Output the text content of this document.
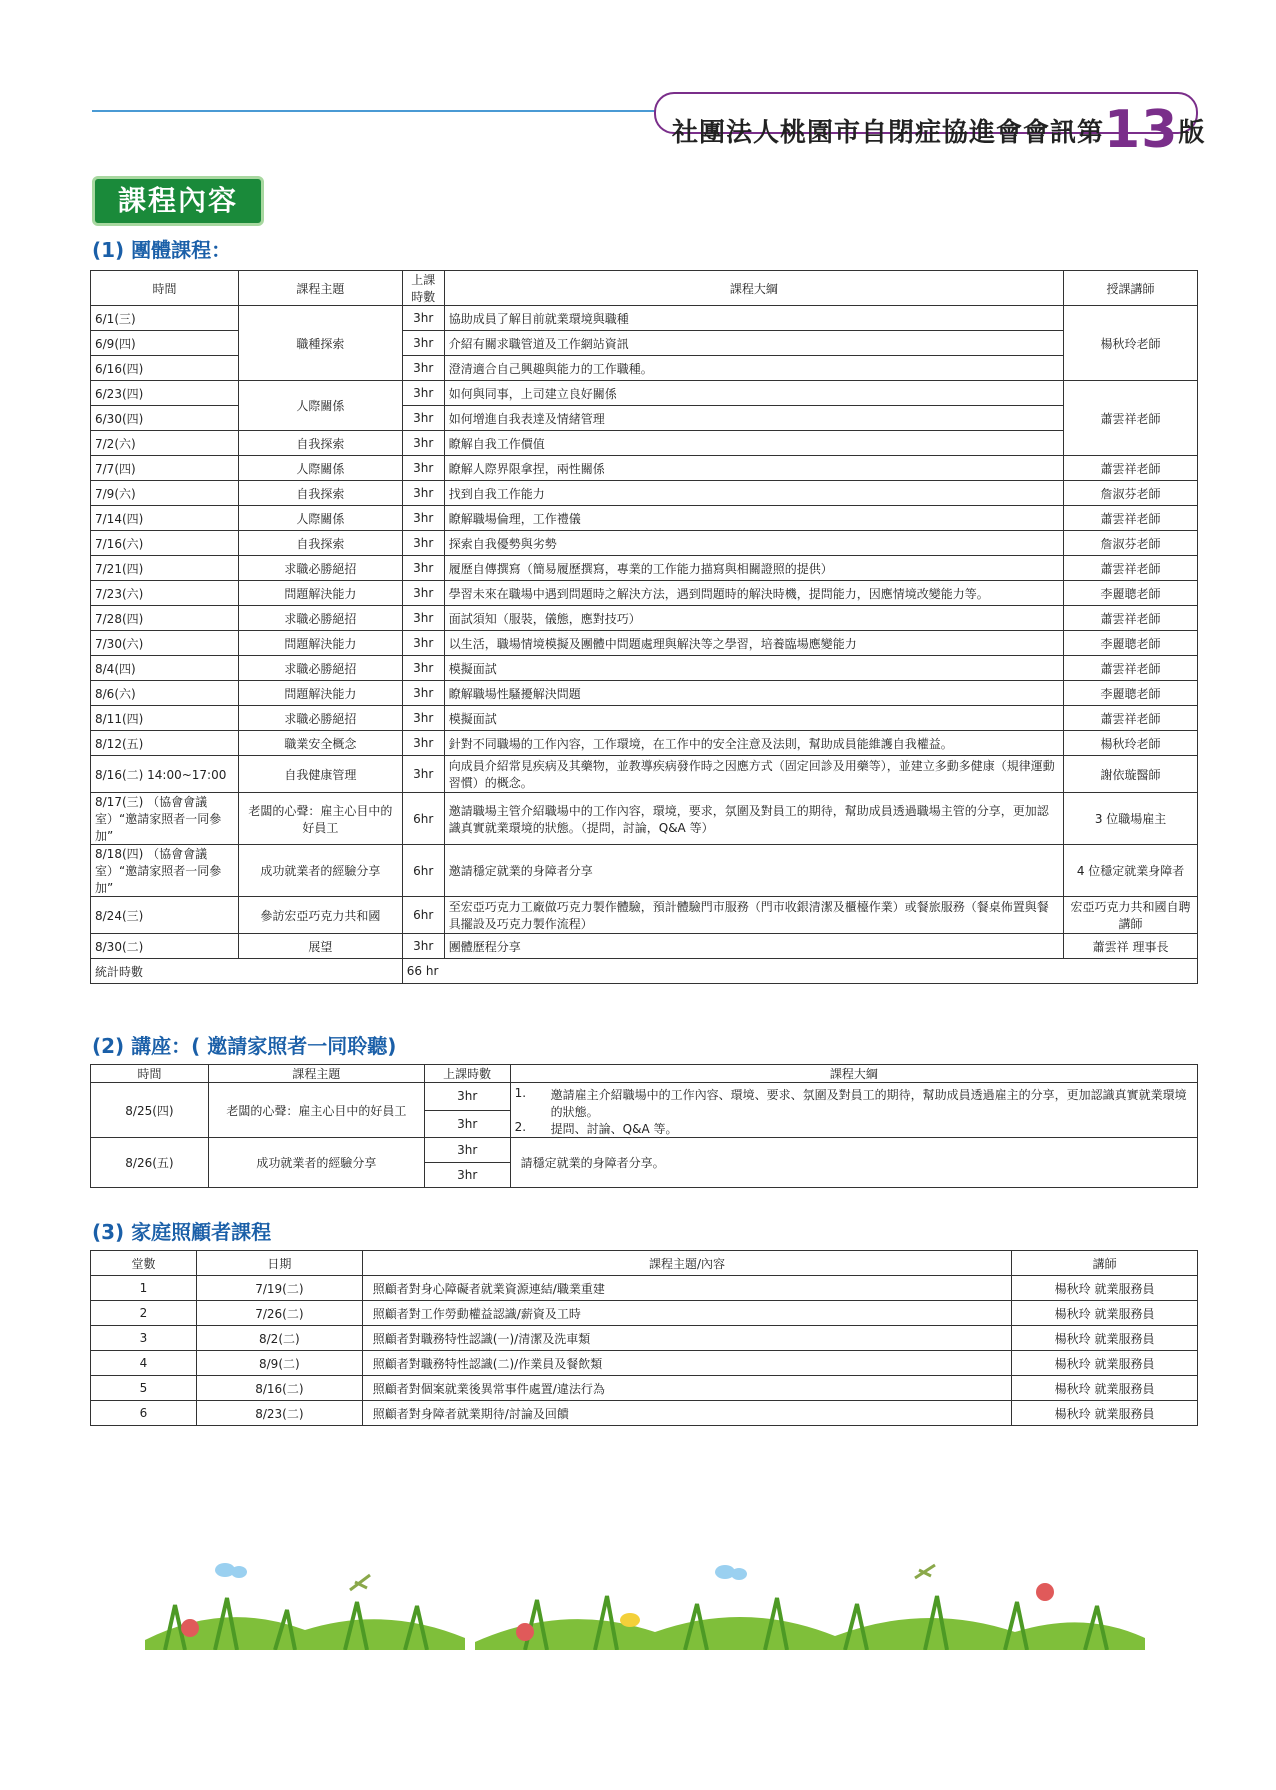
社團法人桃園市自閉症協進會會訊第13版
課程內容
(1) 團體課程：
時間	課程主題	上課時數	課程大綱	授課講師
6/1(三)	職種探索	3hr	協助成員了解目前就業環境與職種	楊秋玲老師
6/9(四)		3hr	介紹有關求職管道及工作網站資訊	
6/16(四)		3hr	澄清適合自己興趣與能力的工作職種。	
6/23(四)	人際關係	3hr	如何與同事，上司建立良好關係	蕭雲祥老師
6/30(四)		3hr	如何增進自我表達及情緒管理	
7/2(六)	自我探索	3hr	瞭解自我工作價值	
7/7(四)	人際關係	3hr	瞭解人際界限拿捏，兩性關係	蕭雲祥老師
7/9(六)	自我探索	3hr	找到自我工作能力	詹淑芬老師
7/14(四)	人際關係	3hr	瞭解職場倫理，工作禮儀	蕭雲祥老師
7/16(六)	自我探索	3hr	探索自我優勢與劣勢	詹淑芬老師
7/21(四)	求職必勝絕招	3hr	履歷自傳撰寫（簡易履歷撰寫，專業的工作能力描寫與相關證照的提供）	蕭雲祥老師
7/23(六)	問題解決能力	3hr	學習未來在職場中遇到問題時之解決方法，遇到問題時的解決時機，提問能力，因應情境改變能力等。	李麗聰老師
7/28(四)	求職必勝絕招	3hr	面試須知（服裝，儀態，應對技巧）	蕭雲祥老師
7/30(六)	問題解決能力	3hr	以生活，職場情境模擬及團體中問題處理與解決等之學習，培養臨場應變能力	李麗聰老師
8/4(四)	求職必勝絕招	3hr	模擬面試	蕭雲祥老師
8/6(六)	問題解決能力	3hr	瞭解職場性騷擾解決問題	李麗聰老師
8/11(四)	求職必勝絕招	3hr	模擬面試	蕭雲祥老師
8/12(五)	職業安全概念	3hr	針對不同職場的工作內容，工作環境，在工作中的安全注意及法則，幫助成員能維護自我權益。	楊秋玲老師
8/16(二) 14:00~17:00	自我健康管理	3hr	向成員介紹常見疾病及其藥物，並教導疾病發作時之因應方式（固定回診及用藥等），並建立多動多健康（規律運動習慣）的概念。	謝依璇醫師
8/17(三) （協會會議室）“邀請家照者一同參加”	老闆的心聲：雇主心目中的好員工	6hr	邀請職場主管介紹職場中的工作內容，環境，要求，氛圍及對員工的期待，幫助成員透過職場主管的分享，更加認識真實就業環境的狀態。（提問，討論，Q&A 等）	3 位職場雇主
8/18(四) （協會會議室）“邀請家照者一同參加”	成功就業者的經驗分享	6hr	邀請穩定就業的身障者分享	4 位穩定就業身障者
8/24(三)	參訪宏亞巧克力共和國	6hr	至宏亞巧克力工廠做巧克力製作體驗，預計體驗門市服務（門市收銀清潔及櫃檯作業）或餐旅服務（餐桌佈置與餐具擺設及巧克力製作流程）	宏亞巧克力共和國自聘講師
8/30(二)	展望	3hr	團體歷程分享	蕭雲祥 理事長
統計時數		66 hr		
(2) 講座：( 邀請家照者一同聆聽)
時間	課程主題	上課時數	課程大綱
8/25(四)	老闆的心聲：雇主心目中的好員工	3hr	1. 邀請雇主介紹職場中的工作內容、環境、要求、氛圍及對員工的期待，幫助成員透過雇主的分享，更加認識真實就業環境的狀態。
2. 提問、討論、Q&A 等。

		3hr	
8/26(五)	成功就業者的經驗分享	3hr	請穩定就業的身障者分享。
		3hr	
(3) 家庭照顧者課程
堂數	日期	課程主題/內容	講師
1	7/19(二)	照顧者對身心障礙者就業資源連結/職業重建	楊秋玲 就業服務員
2	7/26(二)	照顧者對工作勞動權益認識/薪資及工時	楊秋玲 就業服務員
3	8/2(二)	照顧者對職務特性認識(一)/清潔及洗車類	楊秋玲 就業服務員
4	8/9(二)	照顧者對職務特性認識(二)/作業員及餐飲類	楊秋玲 就業服務員
5	8/16(二)	照顧者對個案就業後異常事件處置/違法行為	楊秋玲 就業服務員
6	8/23(二)	照顧者對身障者就業期待/討論及回饋	楊秋玲 就業服務員
